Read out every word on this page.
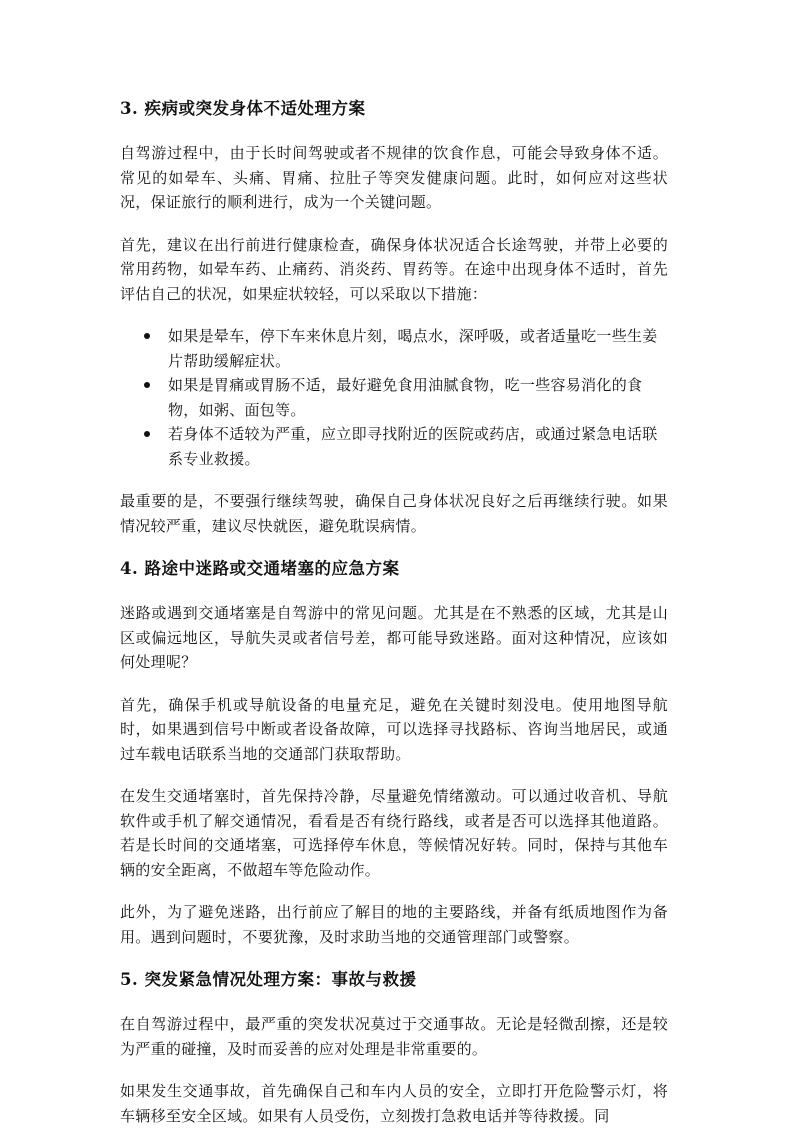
3. 疾病或突发身体不适处理方案

自驾游过程中，由于长时间驾驶或者不规律的饮食作息，可能会导致身体不适。常见的如晕车、头痛、胃痛、拉肚子等突发健康问题。此时，如何应对这些状况，保证旅行的顺利进行，成为一个关键问题。

首先，建议在出行前进行健康检查，确保身体状况适合长途驾驶，并带上必要的常用药物，如晕车药、止痛药、消炎药、胃药等。在途中出现身体不适时，首先评估自己的状况，如果症状较轻，可以采取以下措施：

如果是晕车，停下车来休息片刻，喝点水，深呼吸，或者适量吃一些生姜片帮助缓解症状。
如果是胃痛或胃肠不适，最好避免食用油腻食物，吃一些容易消化的食物，如粥、面包等。
若身体不适较为严重，应立即寻找附近的医院或药店，或通过紧急电话联系专业救援。

最重要的是，不要强行继续驾驶，确保自己身体状况良好之后再继续行驶。如果情况较严重，建议尽快就医，避免耽误病情。

4. 路途中迷路或交通堵塞的应急方案

迷路或遇到交通堵塞是自驾游中的常见问题。尤其是在不熟悉的区域，尤其是山区或偏远地区，导航失灵或者信号差，都可能导致迷路。面对这种情况，应该如何处理呢？

首先，确保手机或导航设备的电量充足，避免在关键时刻没电。使用地图导航时，如果遇到信号中断或者设备故障，可以选择寻找路标、咨询当地居民，或通过车载电话联系当地的交通部门获取帮助。

在发生交通堵塞时，首先保持冷静，尽量避免情绪激动。可以通过收音机、导航软件或手机了解交通情况，看看是否有绕行路线，或者是否可以选择其他道路。若是长时间的交通堵塞，可选择停车休息，等候情况好转。同时，保持与其他车辆的安全距离，不做超车等危险动作。

此外，为了避免迷路，出行前应了解目的地的主要路线，并备有纸质地图作为备用。遇到问题时，不要犹豫，及时求助当地的交通管理部门或警察。

5. 突发紧急情况处理方案：事故与救援

在自驾游过程中，最严重的突发状况莫过于交通事故。无论是轻微刮擦，还是较为严重的碰撞，及时而妥善的应对处理是非常重要的。

如果发生交通事故，首先确保自己和车内人员的安全，立即打开危险警示灯，将车辆移至安全区域。如果有人员受伤，立刻拨打急救电话并等待救援。同
